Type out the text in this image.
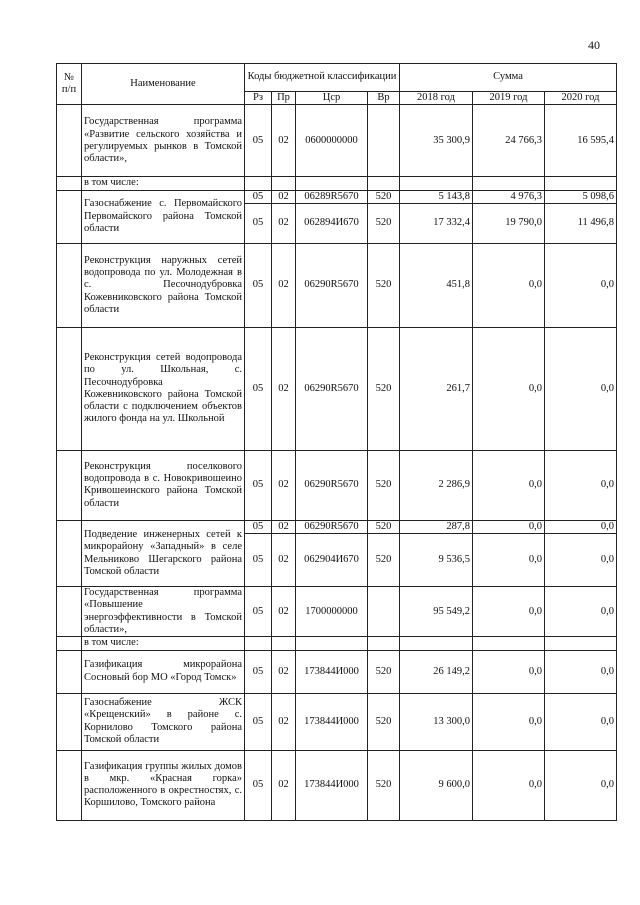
40
№ п/п	Наименование	Коды бюджетной классификации				Сумма		
		Рз	Пр	Цср	Вр	2018 год	2019 год	2020 год
	Государственная программа «Развитие сельского хозяйства и регулируемых рынков в Томской области»,	05	02	0600000000		35 300,9	24 766,3	16 595,4
	в том числе:							
	Газоснабжение с. Первомайского Первомайского района Томской области	05	02	06289R5670	520	5 143,8	4 976,3	5 098,6
		05	02	062894И670	520	17 332,4	19 790,0	11 496,8
	Реконструкция наружных сетей водопровода по ул. Молодежная в с. Песочнодубровка Кожевниковского района Томской области	05	02	06290R5670	520	451,8	0,0	0,0
	Реконструкция сетей водопровода по ул. Школьная, с. Песочнодубровка Кожевниковского района Томской области с подключением объектов жилого фонда на ул. Школьной	05	02	06290R5670	520	261,7	0,0	0,0
	Реконструкция поселкового водопровода в с. Новокривошеино Кривошеинского района Томской области	05	02	06290R5670	520	2 286,9	0,0	0,0
	Подведение инженерных сетей к микрорайону «Западный» в селе Мельниково Шегарского района Томской области	05	02	06290R5670	520	287,8	0,0	0,0
		05	02	062904И670	520	9 536,5	0,0	0,0
	Государственная программа «Повышение энергоэффективности в Томской области»,	05	02	1700000000		95 549,2	0,0	0,0
	в том числе:							
	Газификация микрорайона Сосновый бор МО «Город Томск»	05	02	173844И000	520	26 149,2	0,0	0,0
	Газоснабжение ЖСК «Крещенский» в районе с. Корнилово Томского района Томской области	05	02	173844И000	520	13 300,0	0,0	0,0
	Газификация группы жилых домов в мкр. «Красная горка» расположенного в окрестностях, с. Коршилово, Томского района	05	02	173844И000	520	9 600,0	0,0	0,0
